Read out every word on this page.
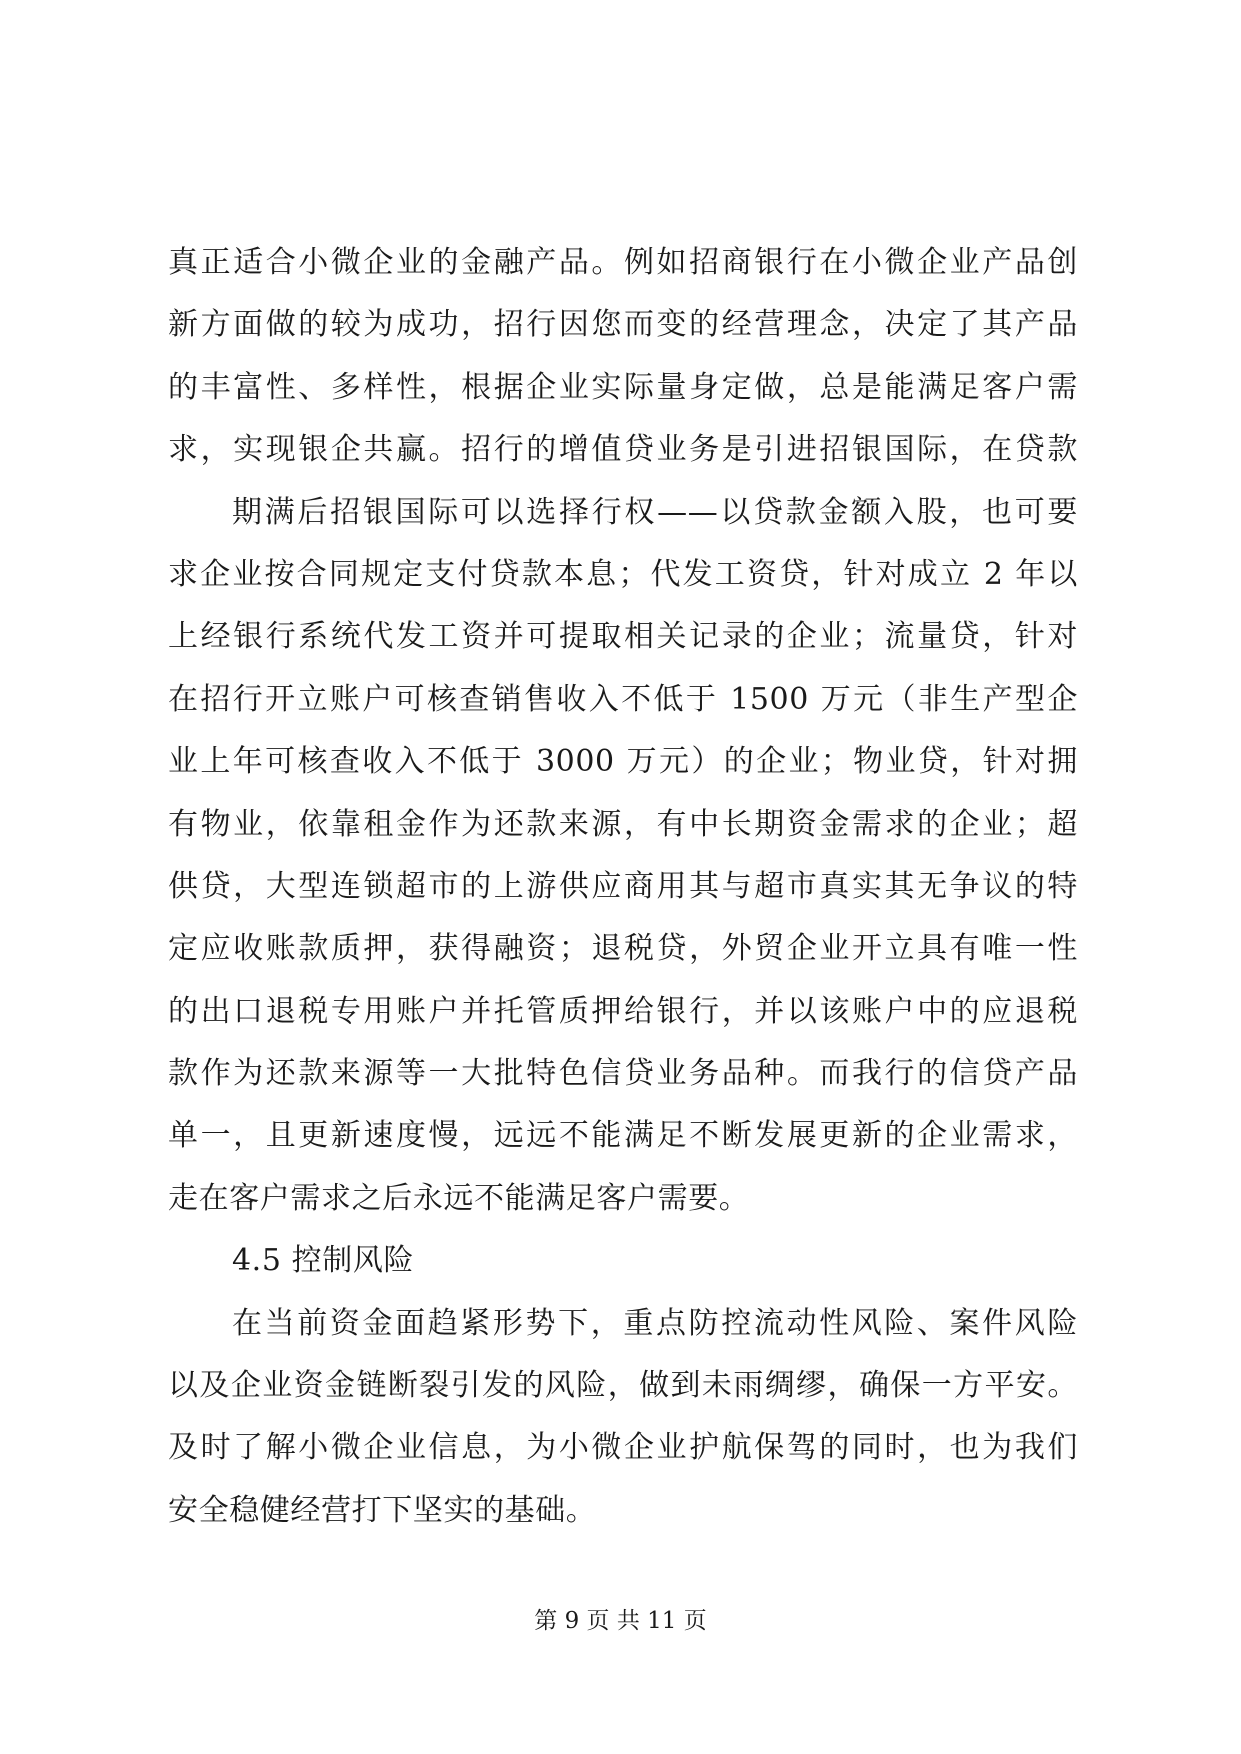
真正适合小微企业的金融产品。例如招商银行在小微企业产品创
新方面做的较为成功，招行因您而变的经营理念，决定了其产品
的丰富性、多样性，根据企业实际量身定做，总是能满足客户需
求，实现银企共赢。招行的增值贷业务是引进招银国际，在贷款
期满后招银国际可以选择行权——以贷款金额入股，也可要
求企业按合同规定支付贷款本息；代发工资贷，针对成立 2 年以
上经银行系统代发工资并可提取相关记录的企业；流量贷，针对
在招行开立账户可核查销售收入不低于 1500 万元（非生产型企
业上年可核查收入不低于 3000 万元）的企业；物业贷，针对拥
有物业，依靠租金作为还款来源，有中长期资金需求的企业；超
供贷，大型连锁超市的上游供应商用其与超市真实其无争议的特
定应收账款质押，获得融资；退税贷，外贸企业开立具有唯一性
的出口退税专用账户并托管质押给银行，并以该账户中的应退税
款作为还款来源等一大批特色信贷业务品种。而我行的信贷产品
单一，且更新速度慢，远远不能满足不断发展更新的企业需求，
走在客户需求之后永远不能满足客户需要。
4.5 控制风险
在当前资金面趋紧形势下，重点防控流动性风险、案件风险
以及企业资金链断裂引发的风险，做到未雨绸缪，确保一方平安。
及时了解小微企业信息，为小微企业护航保驾的同时，也为我们
安全稳健经营打下坚实的基础。
第 9 页 共 11 页
